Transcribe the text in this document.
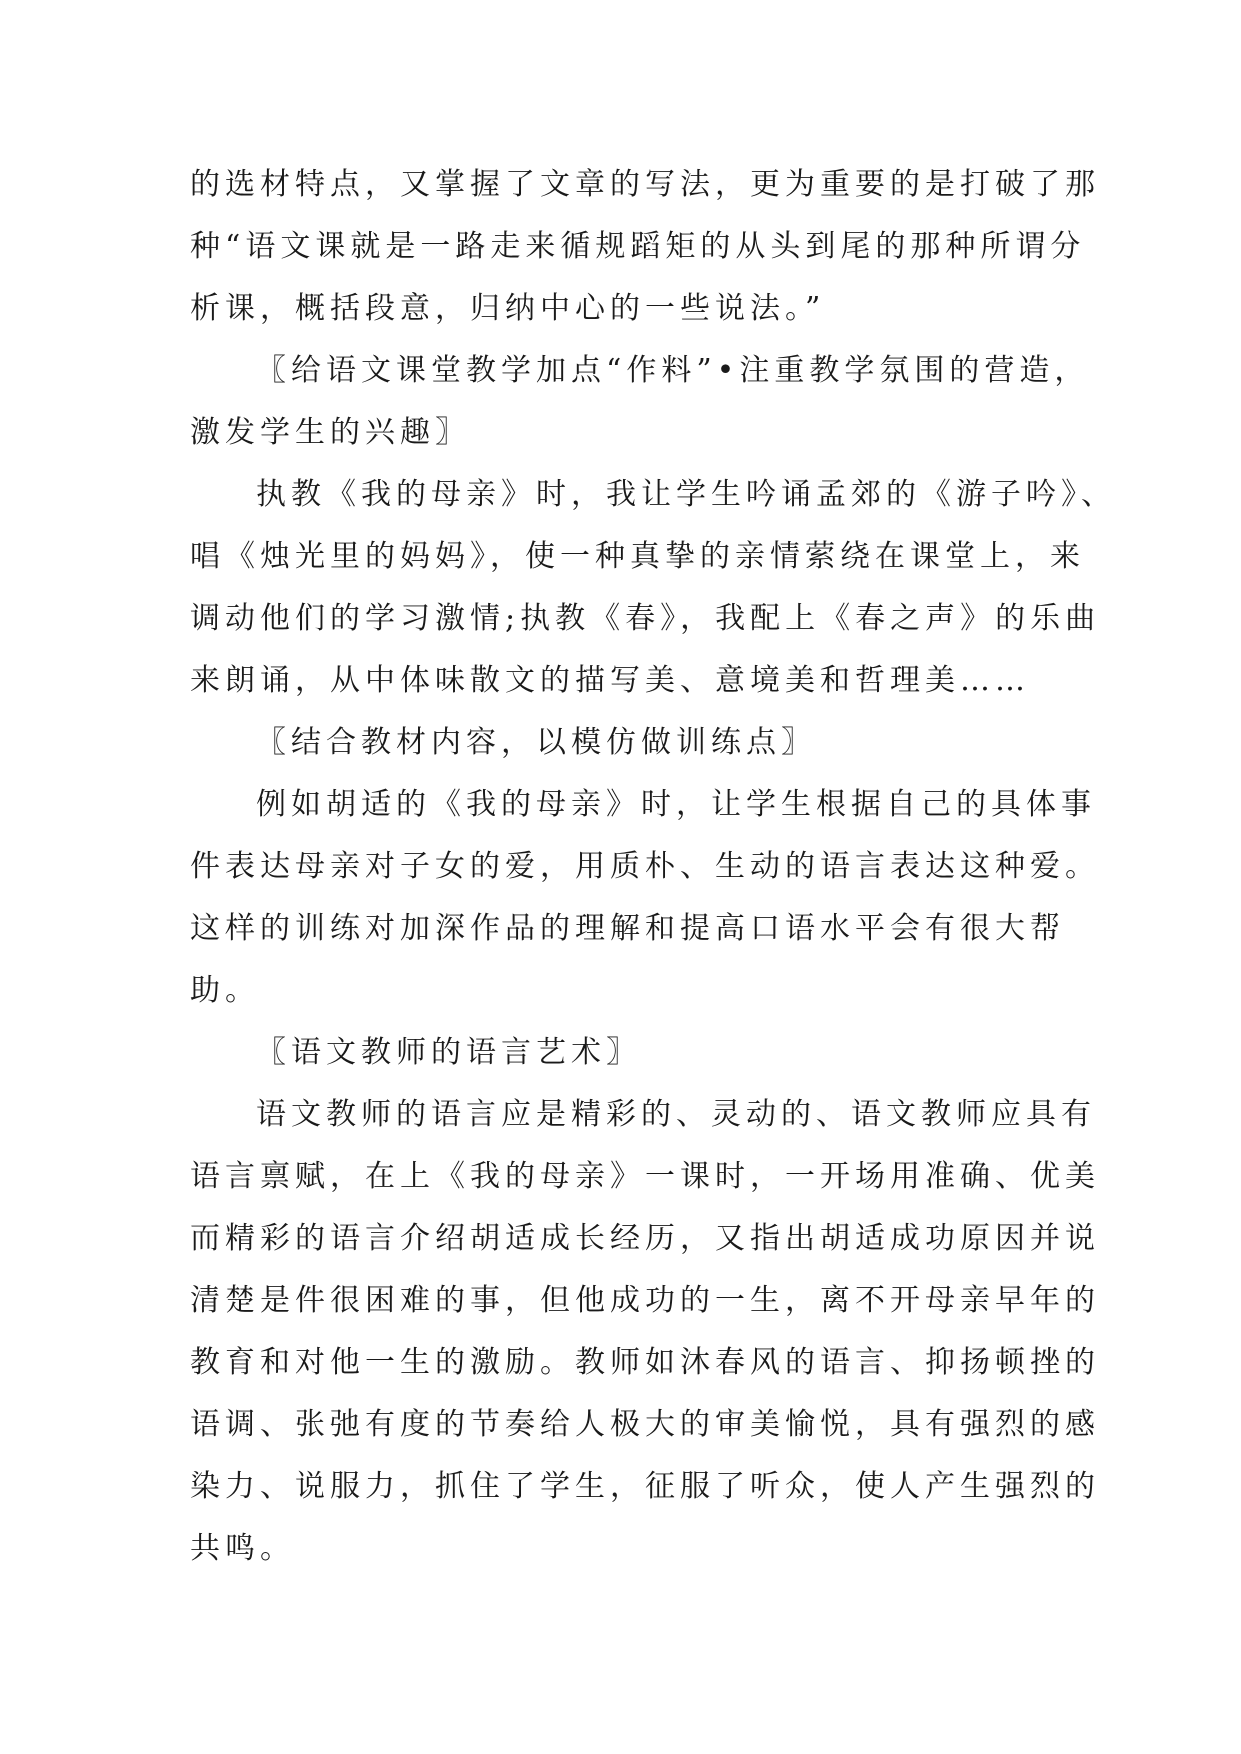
的选材特点，又掌握了文章的写法，更为重要的是打破了那
种“语文课就是一路走来循规蹈矩的从头到尾的那种所谓分
析课，概括段意，归纳中心的一些说法。”
〖给语文课堂教学加点“作料”•注重教学氛围的营造，
激发学生的兴趣〗
执教《我的母亲》时，我让学生吟诵孟郊的《游子吟》、
唱《烛光里的妈妈》，使一种真挚的亲情萦绕在课堂上，来
调动他们的学习激情;执教《春》，我配上《春之声》的乐曲
来朗诵，从中体味散文的描写美、意境美和哲理美……
〖结合教材内容，以模仿做训练点〗
例如胡适的《我的母亲》时，让学生根据自己的具体事
件表达母亲对子女的爱，用质朴、生动的语言表达这种爱。
这样的训练对加深作品的理解和提高口语水平会有很大帮
助。
〖语文教师的语言艺术〗
语文教师的语言应是精彩的、灵动的、语文教师应具有
语言禀赋，在上《我的母亲》一课时，一开场用准确、优美
而精彩的语言介绍胡适成长经历，又指出胡适成功原因并说
清楚是件很困难的事，但他成功的一生，离不开母亲早年的
教育和对他一生的激励。教师如沐春风的语言、抑扬顿挫的
语调、张弛有度的节奏给人极大的审美愉悦，具有强烈的感
染力、说服力，抓住了学生，征服了听众，使人产生强烈的
共鸣。
